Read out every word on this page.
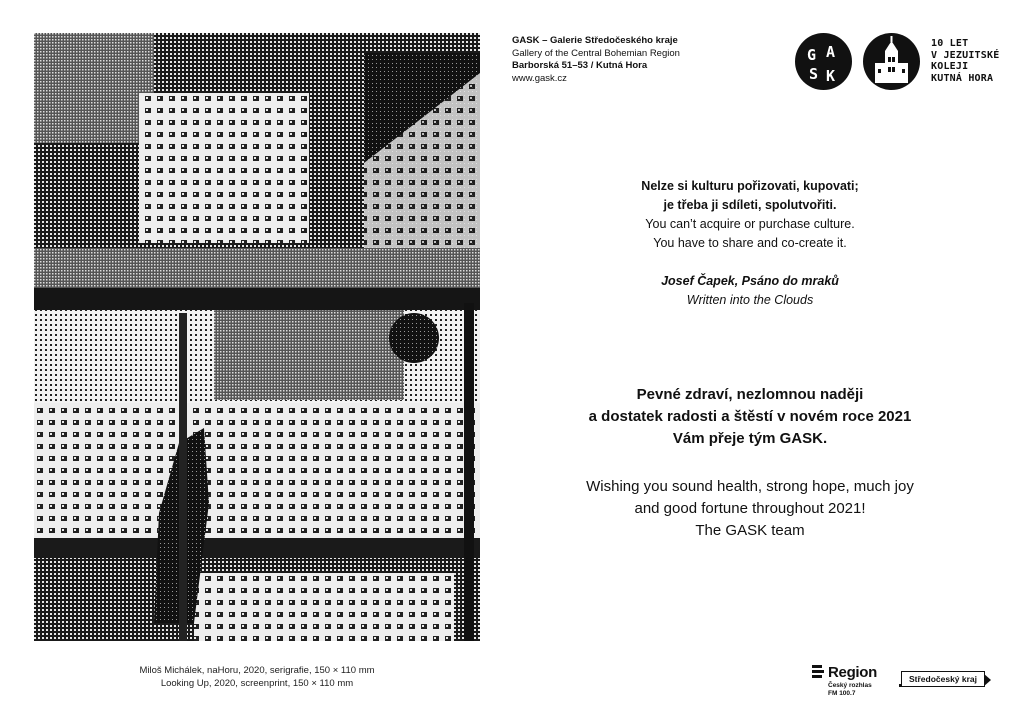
Miloš Michálek, naHoru, 2020, serigrafie, 150 × 110 mm
Looking Up, 2020, screenprint, 150 × 110 mm
GASK – Galerie Středočeského kraje
Gallery of the Central Bohemian Region
Barborská 51–53 / Kutná Hora
www.gask.cz
G A
S K
10 LET
V JEZUITSKÉ
KOLEJI
KUTNÁ HORA
Nelze si kulturu pořizovati, kupovati;
je třeba ji sdíleti, spolutvořiti.
You can’t acquire or purchase culture.
You have to share and co-create it.
Josef Čapek, Psáno do mraků
Written into the Clouds
Pevné zdraví, nezlomnou naději
a dostatek radosti a štěstí v novém roce 2021
Vám přeje tým GASK.
Wishing you sound health, strong hope, much joy
and good fortune throughout 2021!
The GASK team
Region
Český rozhlas
FM 100.7
Středočeský kraj
